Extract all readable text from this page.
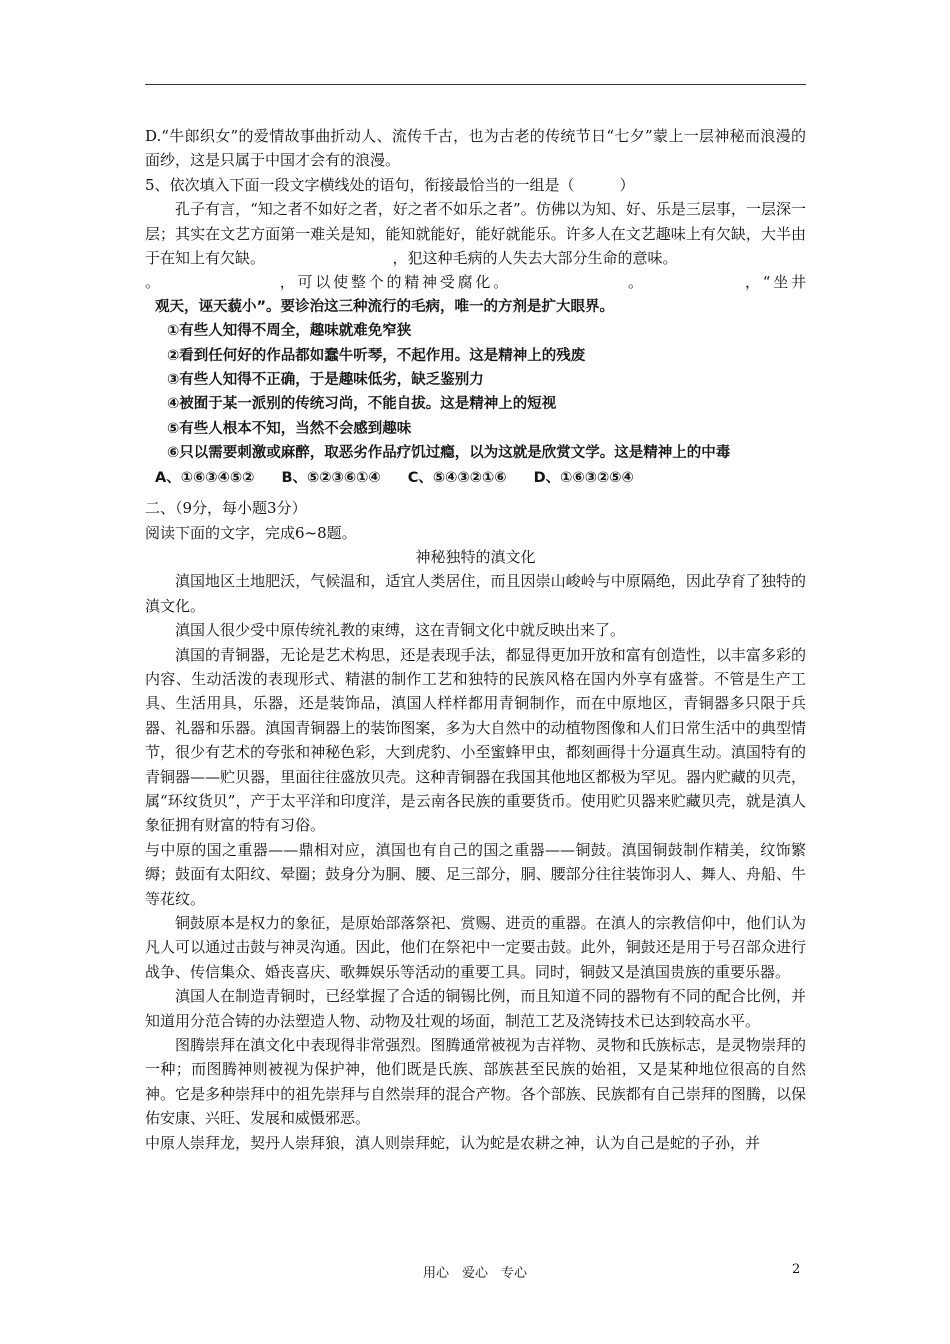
D.“牛郎织女”的爱情故事曲折动人、流传千古，也为古老的传统节日“七夕”蒙上一层神秘而浪漫的面纱，这是只属于中国才会有的浪漫。

5、依次填入下面一段文字横线处的语句，衔接最恰当的一组是（　　　）

孔子有言，“知之者不如好之者，好之者不如乐之者”。仿佛以为知、好、乐是三层事，一层深一层；其实在文艺方面第一难关是知，能知就能好，能好就能乐。许多人在文艺趣味上有欠缺，大半由于在知上有欠缺。　　　　　　　　　，犯这种毛病的人失去大部分生命的意味。

。　　　　　　　，可以使整个的精神受腐化。　　　　　　　。　　　　　　，“坐井

观天，诬天藐小”。要诊治这三种流行的毛病，唯一的方剂是扩大眼界。

①有些人知得不周全，趣味就难免窄狭

②看到任何好的作品都如蠢牛听琴，不起作用。这是精神上的残废

③有些人知得不正确，于是趣味低劣，缺乏鉴别力

④被囿于某一派别的传统习尚，不能自拔。这是精神上的短视

⑤有些人根本不知，当然不会感到趣味

⑥只以需要刺激或麻醉，取恶劣作品疗饥过瘾，以为这就是欣赏文学。这是精神上的中毒

A、①⑥③④⑤② B、⑤②③⑥①④ C、⑤④③②①⑥ D、①⑥③②⑤④

二、（9分，每小题3分）

阅读下面的文字，完成6~8题。

神秘独特的滇文化

滇国地区土地肥沃，气候温和，适宜人类居住，而且因崇山峻岭与中原隔绝，因此孕育了独特的滇文化。

滇国人很少受中原传统礼教的束缚，这在青铜文化中就反映出来了。

滇国的青铜器，无论是艺术构思，还是表现手法，都显得更加开放和富有创造性，以丰富多彩的内容、生动活泼的表现形式、精湛的制作工艺和独特的民族风格在国内外享有盛誉。不管是生产工具、生活用具，乐器，还是装饰品，滇国人样样都用青铜制作，而在中原地区，青铜器多只限于兵器、礼器和乐器。滇国青铜器上的装饰图案，多为大自然中的动植物图像和人们日常生活中的典型情节，很少有艺术的夸张和神秘色彩，大到虎豹、小至蜜蜂甲虫，都刻画得十分逼真生动。滇国特有的青铜器——贮贝器，里面往往盛放贝壳。这种青铜器在我国其他地区都极为罕见。器内贮藏的贝壳，属“环纹货贝”，产于太平洋和印度洋，是云南各民族的重要货币。使用贮贝器来贮藏贝壳，就是滇人象征拥有财富的特有习俗。

与中原的国之重器——鼎相对应，滇国也有自己的国之重器——铜鼓。滇国铜鼓制作精美，纹饰繁缛；鼓面有太阳纹、晕圈；鼓身分为胴、腰、足三部分，胴、腰部分往往装饰羽人、舞人、舟船、牛等花纹。

铜鼓原本是权力的象征，是原始部落祭祀、赏赐、进贡的重器。在滇人的宗教信仰中，他们认为凡人可以通过击鼓与神灵沟通。因此，他们在祭祀中一定要击鼓。此外，铜鼓还是用于号召部众进行战争、传信集众、婚丧喜庆、歌舞娱乐等活动的重要工具。同时，铜鼓又是滇国贵族的重要乐器。

滇国人在制造青铜时，已经掌握了合适的铜锡比例，而且知道不同的器物有不同的配合比例，并知道用分范合铸的办法塑造人物、动物及壮观的场面，制范工艺及浇铸技术已达到较高水平。

图腾崇拜在滇文化中表现得非常强烈。图腾通常被视为吉祥物、灵物和氏族标志，是灵物崇拜的一种；而图腾神则被视为保护神，他们既是氏族、部族甚至民族的始祖，又是某种地位很高的自然神。它是多种崇拜中的祖先崇拜与自然崇拜的混合产物。各个部族、民族都有自己崇拜的图腾，以保佑安康、兴旺、发展和威慑邪恶。

中原人崇拜龙，契丹人崇拜狼，滇人则崇拜蛇，认为蛇是农耕之神，认为自己是蛇的子孙，并

用心　爱心　专心	2
